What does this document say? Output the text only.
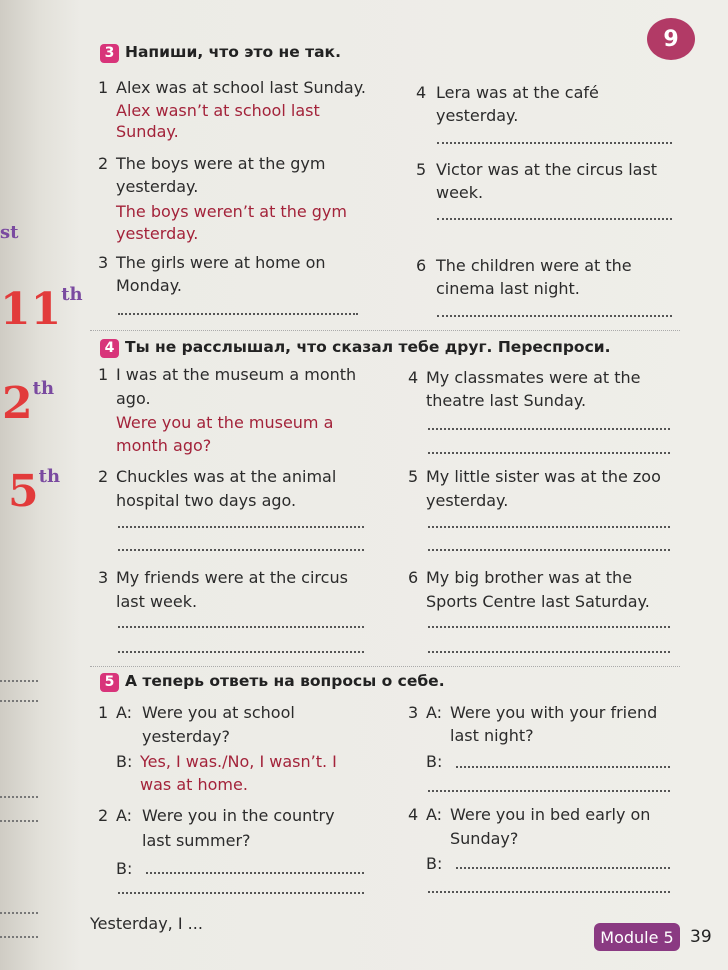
st
11th
2th
5th
9
3 Напиши, что это не так.
1 Alex was at school last Sunday.
Alex wasn’t at school last
Sunday.
2 The boys were at the gym
yesterday.
The boys weren’t at the gym
yesterday.
3 The girls were at home on
Monday.
4 Lera was at the café
yesterday.
5 Victor was at the circus last
week.
6 The children were at the
cinema last night.
4 Ты не расслышал, что сказал тебе друг. Переспроси.
1 I was at the museum a month
ago.
Were you at the museum a
month ago?
2 Chuckles was at the animal
hospital two days ago.
3 My friends were at the circus
last week.
4 My classmates were at the
theatre last Sunday.
5 My little sister was at the zoo
yesterday.
6 My big brother was at the
Sports Centre last Saturday.
5 А теперь ответь на вопросы о себе.
1 A: Were you at school
yesterday?
B: Yes, I was./No, I wasn’t. I
was at home.
2 A: Were you in the country
last summer?
B:
3 A: Were you with your friend
last night?
B:
4 A: Were you in bed early on
Sunday?
B:
Yesterday, I ...
Module 5 39
